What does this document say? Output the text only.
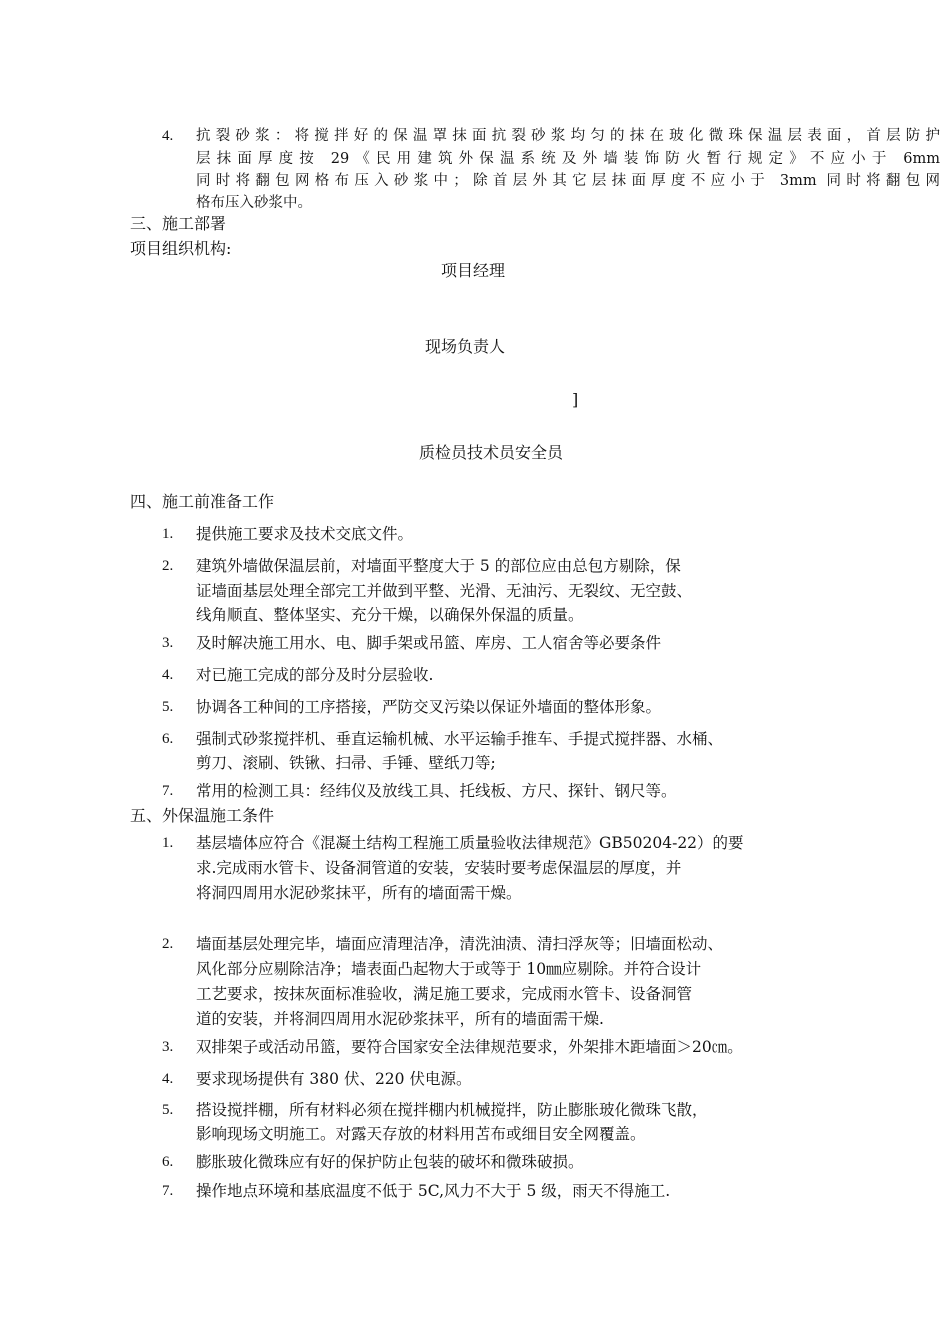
4. 抗裂砂浆：将搅拌好的保温罩抹面抗裂砂浆均匀的抹在玻化微珠保温层表面，首层防护
层抹面厚度按 29《民用建筑外保温系统及外墙装饰防火暂行规定》不应小于 6mm
同时将翻包网格布压入砂浆中；除首层外其它层抹面厚度不应小于 3mm 同时将翻包网
格布压入砂浆中。
三、施工部署
项目组织机构:
项目经理
现场负责人
]
质检员技术员安全员
四、施工前准备工作
1. 提供施工要求及技术交底文件。
2. 建筑外墙做保温层前，对墙面平整度大于 5 的部位应由总包方剔除，保
证墙面基层处理全部完工并做到平整、光滑、无油污、无裂纹、无空鼓、
线角顺直、整体坚实、充分干燥，以确保外保温的质量。
3. 及时解决施工用水、电、脚手架或吊篮、库房、工人宿舍等必要条件
4. 对已施工完成的部分及时分层验收.
5. 协调各工种间的工序搭接，严防交叉污染以保证外墙面的整体形象。
6. 强制式砂浆搅拌机、垂直运输机械、水平运输手推车、手提式搅拌器、水桶、
剪刀、滚刷、铁锹、扫帚、手锤、壁纸刀等;
7. 常用的检测工具：经纬仪及放线工具、托线板、方尺、探针、钢尺等。
五、外保温施工条件
1. 基层墙体应符合《混凝土结构工程施工质量验收法律规范》GB50204-22）的要
求.完成雨水管卡、设备洞管道的安装，安装时要考虑保温层的厚度，并
将洞四周用水泥砂浆抹平，所有的墙面需干燥。
2. 墙面基层处理完毕，墙面应清理洁净，清洗油渍、清扫浮灰等；旧墙面松动、
风化部分应剔除洁净；墙表面凸起物大于或等于 10㎜应剔除。并符合设计
工艺要求，按抹灰面标准验收，满足施工要求，完成雨水管卡、设备洞管
道的安装，并将洞四周用水泥砂浆抹平，所有的墙面需干燥.
3. 双排架子或活动吊篮，要符合国家安全法律规范要求，外架排木距墙面＞20㎝。
4. 要求现场提供有 380 伏、220 伏电源。
5. 搭设搅拌棚，所有材料必须在搅拌棚内机械搅拌，防止膨胀玻化微珠飞散，
影响现场文明施工。对露天存放的材料用苫布或细目安全网覆盖。
6. 膨胀玻化微珠应有好的保护防止包装的破坏和微珠破损。
7. 操作地点环境和基底温度不低于 5C,风力不大于 5 级，雨天不得施工.
